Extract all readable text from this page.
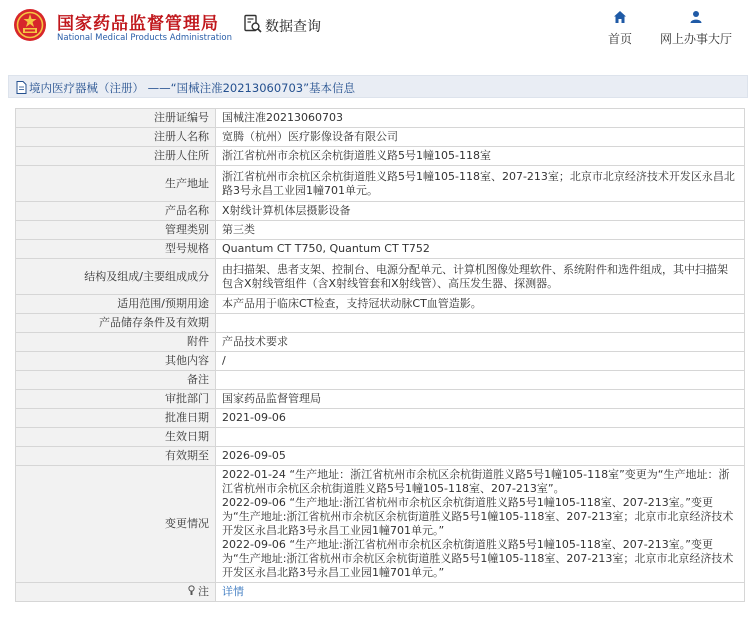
国家药品监督管理局
National Medical Products Administration
数据查询
首页	网上办事大厅
境内医疗器械（注册） ——“国械注准20213060703”基本信息
注册证编号	国械注准20213060703
注册人名称	宽腾（杭州）医疗影像设备有限公司
注册人住所	浙江省杭州市余杭区余杭街道胜义路5号1幢105-118室
生产地址	浙江省杭州市余杭区余杭街道胜义路5号1幢105-118室、207-213室；北京市北京经济技术开发区永昌北路3号永昌工业园1幢701单元。
产品名称	X射线计算机体层摄影设备
管理类别	第三类
型号规格	Quantum CT T750, Quantum CT T752
结构及组成/主要组成成分	由扫描架、患者支架、控制台、电源分配单元、计算机图像处理软件、系统附件和选件组成，其中扫描架包含X射线管组件（含X射线管套和X射线管）、高压发生器、探测器。
适用范围/预期用途	本产品用于临床CT检查，支持冠状动脉CT血管造影。
产品储存条件及有效期	
附件	产品技术要求
其他内容	/
备注	
审批部门	国家药品监督管理局
批准日期	2021-09-06
生效日期	
有效期至	2026-09-05
变更情况	2022-01-24 “生产地址：浙江省杭州市余杭区余杭街道胜义路5号1幢105-118室”变更为“生产地址：浙江省杭州市余杭区余杭街道胜义路5号1幢105-118室、207-213室”。
2022-09-06 “生产地址:浙江省杭州市余杭区余杭街道胜义路5号1幢105-118室、207-213室。”变更为“生产地址:浙江省杭州市余杭区余杭街道胜义路5号1幢105-118室、207-213室；北京市北京经济技术开发区永昌北路3号永昌工业园1幢701单元。”
2022-09-06 “生产地址:浙江省杭州市余杭区余杭街道胜义路5号1幢105-118室、207-213室。”变更为“生产地址:浙江省杭州市余杭区余杭街道胜义路5号1幢105-118室、207-213室；北京市北京经济技术开发区永昌北路3号永昌工业园1幢701单元。”
注	详情
